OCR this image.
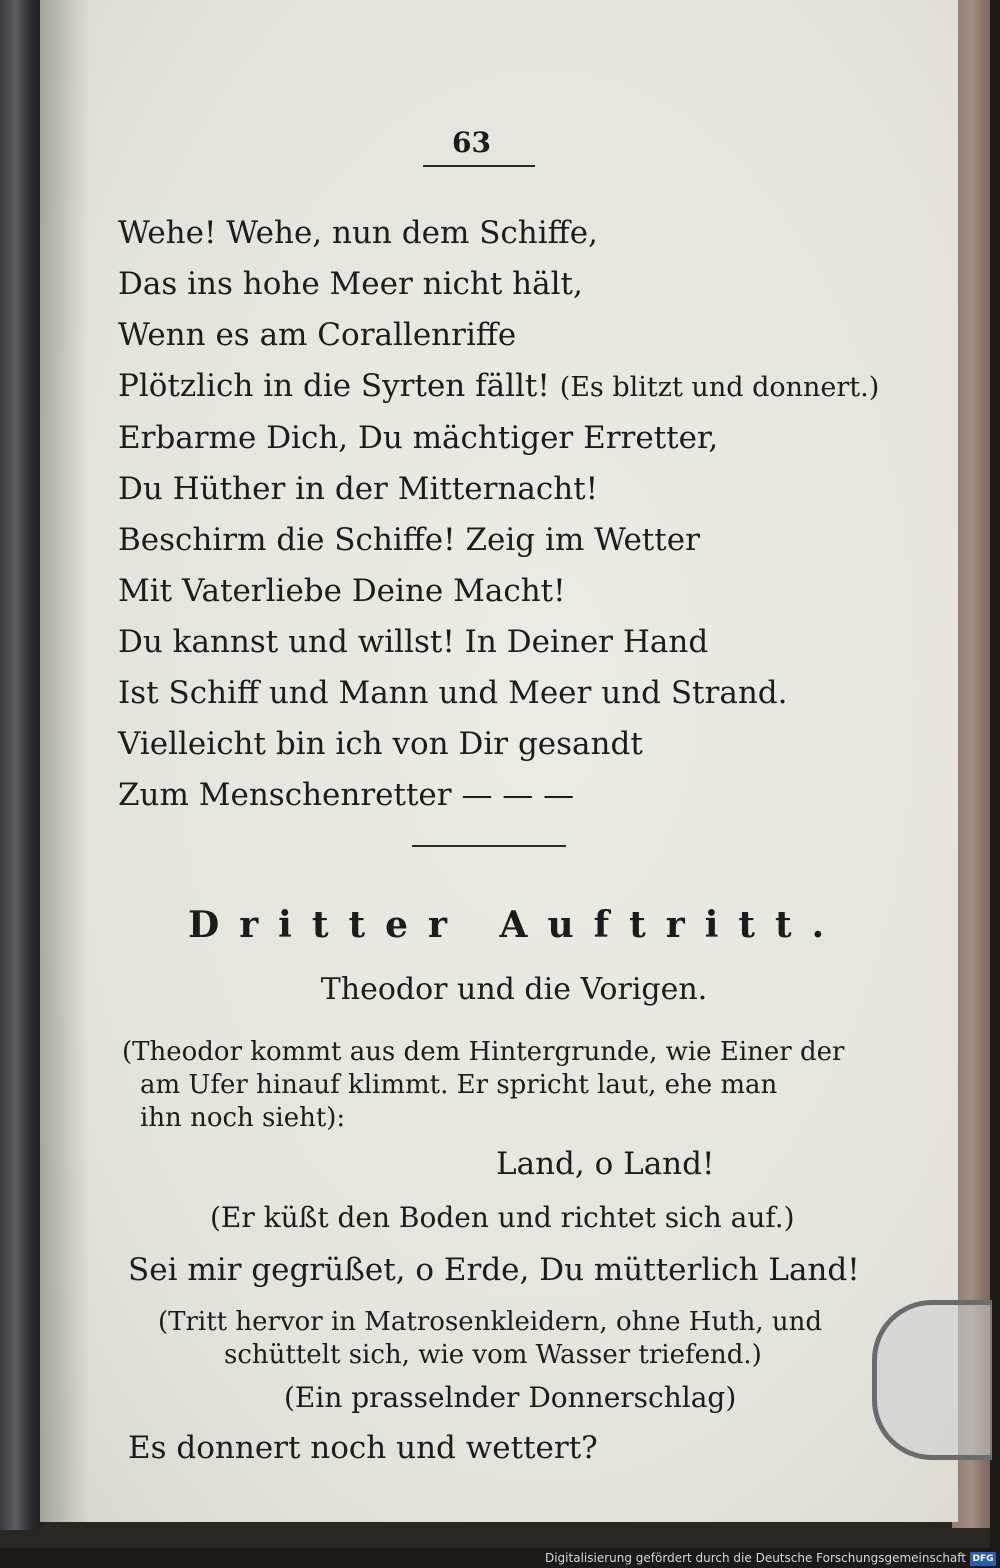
63
Wehe! Wehe, nun dem Schiffe,
Das ins hohe Meer nicht hält,
Wenn es am Corallenriffe
Plötzlich in die Syrten fällt! (Es blitzt und donnert.)
Erbarme Dich, Du mächtiger Erretter,
Du Hüther in der Mitternacht!
Beschirm die Schiffe! Zeig im Wetter
Mit Vaterliebe Deine Macht!
Du kannst und willst! In Deiner Hand
Ist Schiff und Mann und Meer und Strand.
Vielleicht bin ich von Dir gesandt
Zum Menschenretter — — —
Dritter Auftritt.
Theodor und die Vorigen.
(Theodor kommt aus dem Hintergrunde, wie Einer der
am Ufer hinauf klimmt. Er spricht laut, ehe man
ihn noch sieht):
Land, o Land!
(Er küßt den Boden und richtet sich auf.)
Sei mir gegrüßet, o Erde, Du mütterlich Land!
(Tritt hervor in Matrosenkleidern, ohne Huth, und
schüttelt sich, wie vom Wasser triefend.)
(Ein prasselnder Donnerschlag)
Es donnert noch und wettert?
Digitalisierung gefördert durch die Deutsche Forschungsgemeinschaft DFG
